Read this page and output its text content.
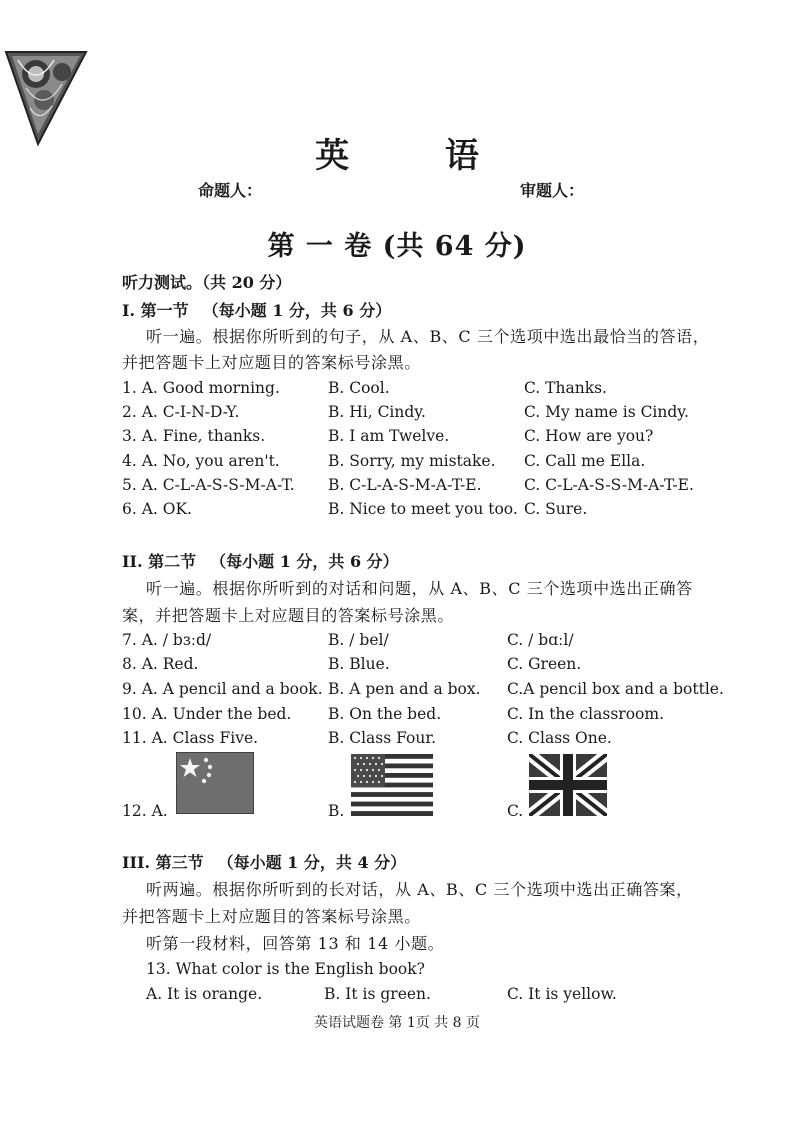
英 语
命题人：	审题人：
第 一 卷 (共 64 分)
听力测试。（共 20 分）
I. 第一节 （每小题 1 分，共 6 分）
听一遍。根据你所听到的句子，从 A、B、C 三个选项中选出最恰当的答语，
并把答题卡上对应题目的答案标号涂黑。
1. A. Good morning.	B. Cool.	C. Thanks.
2. A. C-I-N-D-Y.	B. Hi, Cindy.	C. My name is Cindy.
3. A. Fine, thanks.	B. I am Twelve.	C. How are you?
4. A. No, you aren't.	B. Sorry, my mistake. C. Call me Ella.
5. A. C-L-A-S-S-M-A-T. B. C-L-A-S-M-A-T-E.	C. C-L-A-S-S-M-A-T-E.
6. A. OK.	B. Nice to meet you too. C. Sure.
II. 第二节 （每小题 1 分，共 6 分）
听一遍。根据你所听到的对话和问题，从 A、B、C 三个选项中选出正确答
案，并把答题卡上对应题目的答案标号涂黑。
7. A. / bɜːd/	B. / bel/	C. / bɑːl/
8. A. Red.	B. Blue.	C. Green.
9. A. A pencil and a book. B. A pen and a box. C.A pencil box and a bottle.
10. A. Under the bed. B. On the bed.	C. In the classroom.
11. A. Class Five.	B. Class Four.	C. Class One.
12. A.	B.	C.
III. 第三节 （每小题 1 分，共 4 分）
听两遍。根据你所听到的长对话，从 A、B、C 三个选项中选出正确答案，
并把答题卡上对应题目的答案标号涂黑。
听第一段材料，回答第 13 和 14 小题。
13. What color is the English book?
A. It is orange.	B. It is green.	C. It is yellow.
英语试题卷 第 1页 共 8 页
